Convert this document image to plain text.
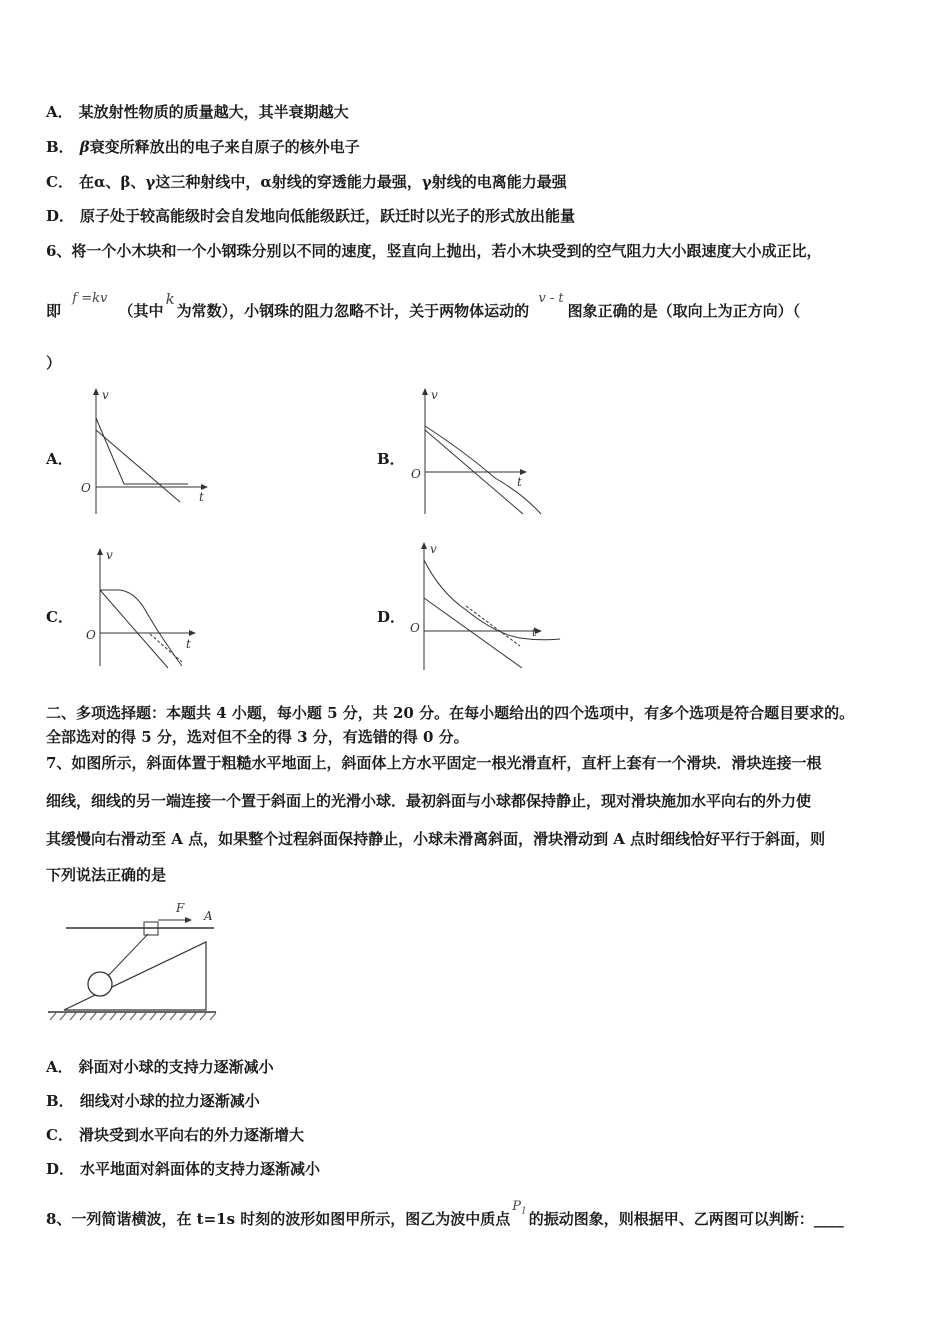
A． 某放射性物质的质量越大，其半衰期越大
B． β衰变所释放出的电子来自原子的核外电子
C． 在α、β、γ这三种射线中，α射线的穿透能力最强，γ射线的电离能力最强
D． 原子处于较高能级时会自发地向低能级跃迁，跃迁时以光子的形式放出能量
6、将一个小木块和一个小钢珠分别以不同的速度，竖直向上抛出，若小木块受到的空气阻力大小跟速度大小成正比，
即 f =kv （其中k为常数），小钢珠的阻力忽略不计，关于两物体运动的 v - t图象正确的是（取向上为正方向）（
）
A．	B．
C．	D．
v
t
O
v
t
O
v
t
O
v
t
O
二、多项选择题：本题共 4 小题，每小题 5 分，共 20 分。在每小题给出的四个选项中，有多个选项是符合题目要求的。
全部选对的得 5 分，选对但不全的得 3 分，有选错的得 0 分。
7、如图所示，斜面体置于粗糙水平地面上，斜面体上方水平固定一根光滑直杆，直杆上套有一个滑块．滑块连接一根
细线，细线的另一端连接一个置于斜面上的光滑小球．最初斜面与小球都保持静止，现对滑块施加水平向右的外力使
其缓慢向右滑动至 A 点，如果整个过程斜面保持静止，小球未滑离斜面，滑块滑动到 A 点时细线恰好平行于斜面，则
下列说法正确的是
F
A
A． 斜面对小球的支持力逐渐减小
B． 细线对小球的拉力逐渐减小
C． 滑块受到水平向右的外力逐渐增大
D． 水平地面对斜面体的支持力逐渐减小
8、一列简谐横波，在 t=1s 时刻的波形如图甲所示，图乙为波中质点$P_1$ 的振动图象，则根据甲、乙两图可以判断：____
